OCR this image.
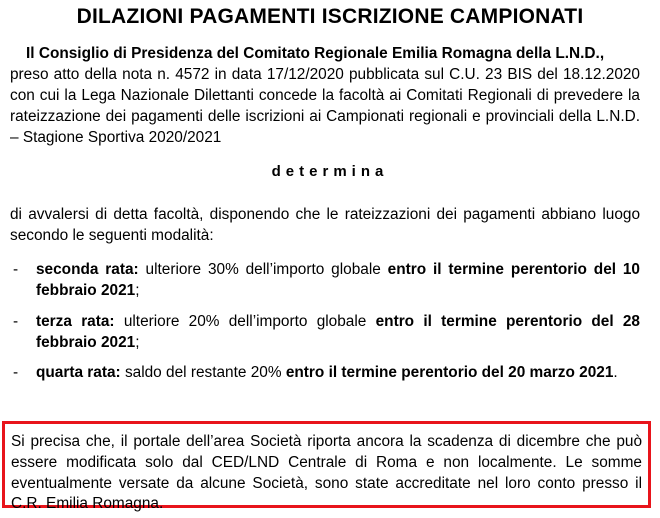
DILAZIONI PAGAMENTI ISCRIZIONE CAMPIONATI
Il Consiglio di Presidenza del Comitato Regionale Emilia Romagna della L.N.D.,
preso atto della nota n. 4572 in data 17/12/2020 pubblicata sul C.U. 23 BIS del 18.12.2020 con cui la Lega Nazionale Dilettanti concede la facoltà ai Comitati Regionali di prevedere la rateizzazione dei pagamenti delle iscrizioni ai Campionati regionali e provinciali della L.N.D. – Stagione Sportiva 2020/2021
determina
di avvalersi di detta facoltà, disponendo che le rateizzazioni dei pagamenti abbiano luogo secondo le seguenti modalità:
- seconda rata: ulteriore 30% dell’importo globale entro il termine perentorio del 10 febbraio 2021;
- terza rata: ulteriore 20% dell’importo globale entro il termine perentorio del 28 febbraio 2021;
- quarta rata: saldo del restante 20% entro il termine perentorio del 20 marzo 2021.

Si precisa che, il portale dell’area Società riporta ancora la scadenza di dicembre che può essere modificata solo dal CED/LND Centrale di Roma e non localmente. Le somme eventualmente versate da alcune Società, sono state accreditate nel loro conto presso il C.R. Emilia Romagna.
